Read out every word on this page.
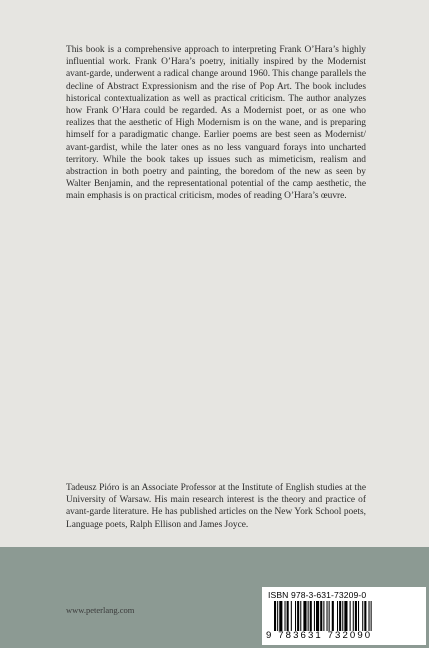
This book is a comprehensive approach to interpreting Frank O’Hara’s highly influential work. Frank O’Hara’s poetry, initially inspired by the Modernist avant-garde, underwent a radical change around 1960. This change parallels the decline of Abstract Expressionism and the rise of Pop Art. The book includes historical contextualization as well as practical criticism. The author analyzes how Frank O’Hara could be regarded. As a Modernist poet, or as one who realizes that the aesthetic of High Modernism is on the wane, and is preparing himself for a paradigmatic change. Earlier poems are best seen as Modernist/ avant-gardist, while the later ones as no less vanguard forays into uncharted territory. While the book takes up issues such as mimeticism, realism and abstraction in both poetry and painting, the boredom of the new as seen by Walter Benjamin, and the representational potential of the camp aesthetic, the main emphasis is on practical criticism, modes of reading O’Hara’s œuvre.
Tadeusz Pióro is an Associate Professor at the Institute of English studies at the University of Warsaw. His main research interest is the theory and practice of avant-garde literature. He has published articles on the New York School poets, Language poets, Ralph Ellison and James Joyce.
www.peterlang.com
ISBN 978-3-631-73209-0
9 783631 732090
